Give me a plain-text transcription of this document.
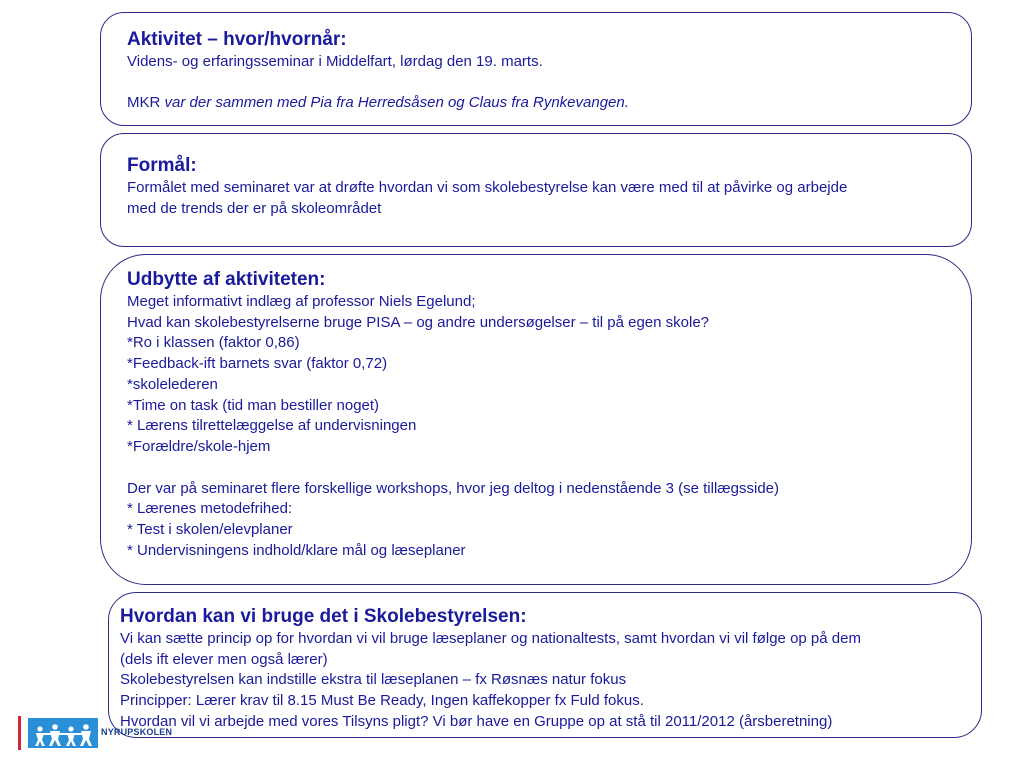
Aktivitet – hvor/hvornår:

Videns- og erfaringsseminar i Middelfart, lørdag den 19. marts.

MKR var der sammen med Pia fra Herredsåsen og Claus fra Rynkevangen.

Formål:

Formålet med seminaret var at drøfte hvordan vi som skolebestyrelse kan være med til at påvirke og arbejde

med de trends der er på skoleområdet

Udbytte af aktiviteten:

Meget informativt indlæg af professor Niels Egelund;

Hvad kan skolebestyrelserne bruge PISA – og andre undersøgelser – til på egen skole?

*Ro i klassen (faktor 0,86)

*Feedback-ift barnets svar (faktor 0,72)

*skolelederen

*Time on task (tid man bestiller noget)

* Lærens tilrettelæggelse af undervisningen

*Forældre/skole-hjem

Der var på seminaret flere forskellige workshops, hvor jeg deltog i nedenstående 3 (se tillægsside)

* Lærenes metodefrihed:

* Test i skolen/elevplaner

* Undervisningens indhold/klare mål og læseplaner

Hvordan kan vi bruge det i Skolebestyrelsen:

Vi kan sætte princip op for hvordan vi vil bruge læseplaner og nationaltests, samt hvordan vi vil følge op på dem

(dels ift elever men også lærer)

Skolebestyrelsen kan indstille ekstra til læseplanen – fx Røsnæs natur fokus

Principper: Lærer krav til 8.15 Must Be Ready, Ingen kaffekopper fx Fuld fokus.

Hvordan vil vi arbejde med vores Tilsyns pligt? Vi bør have en Gruppe op at stå til 2011/2012 (årsberetning)

NYRUPSKOLEN
